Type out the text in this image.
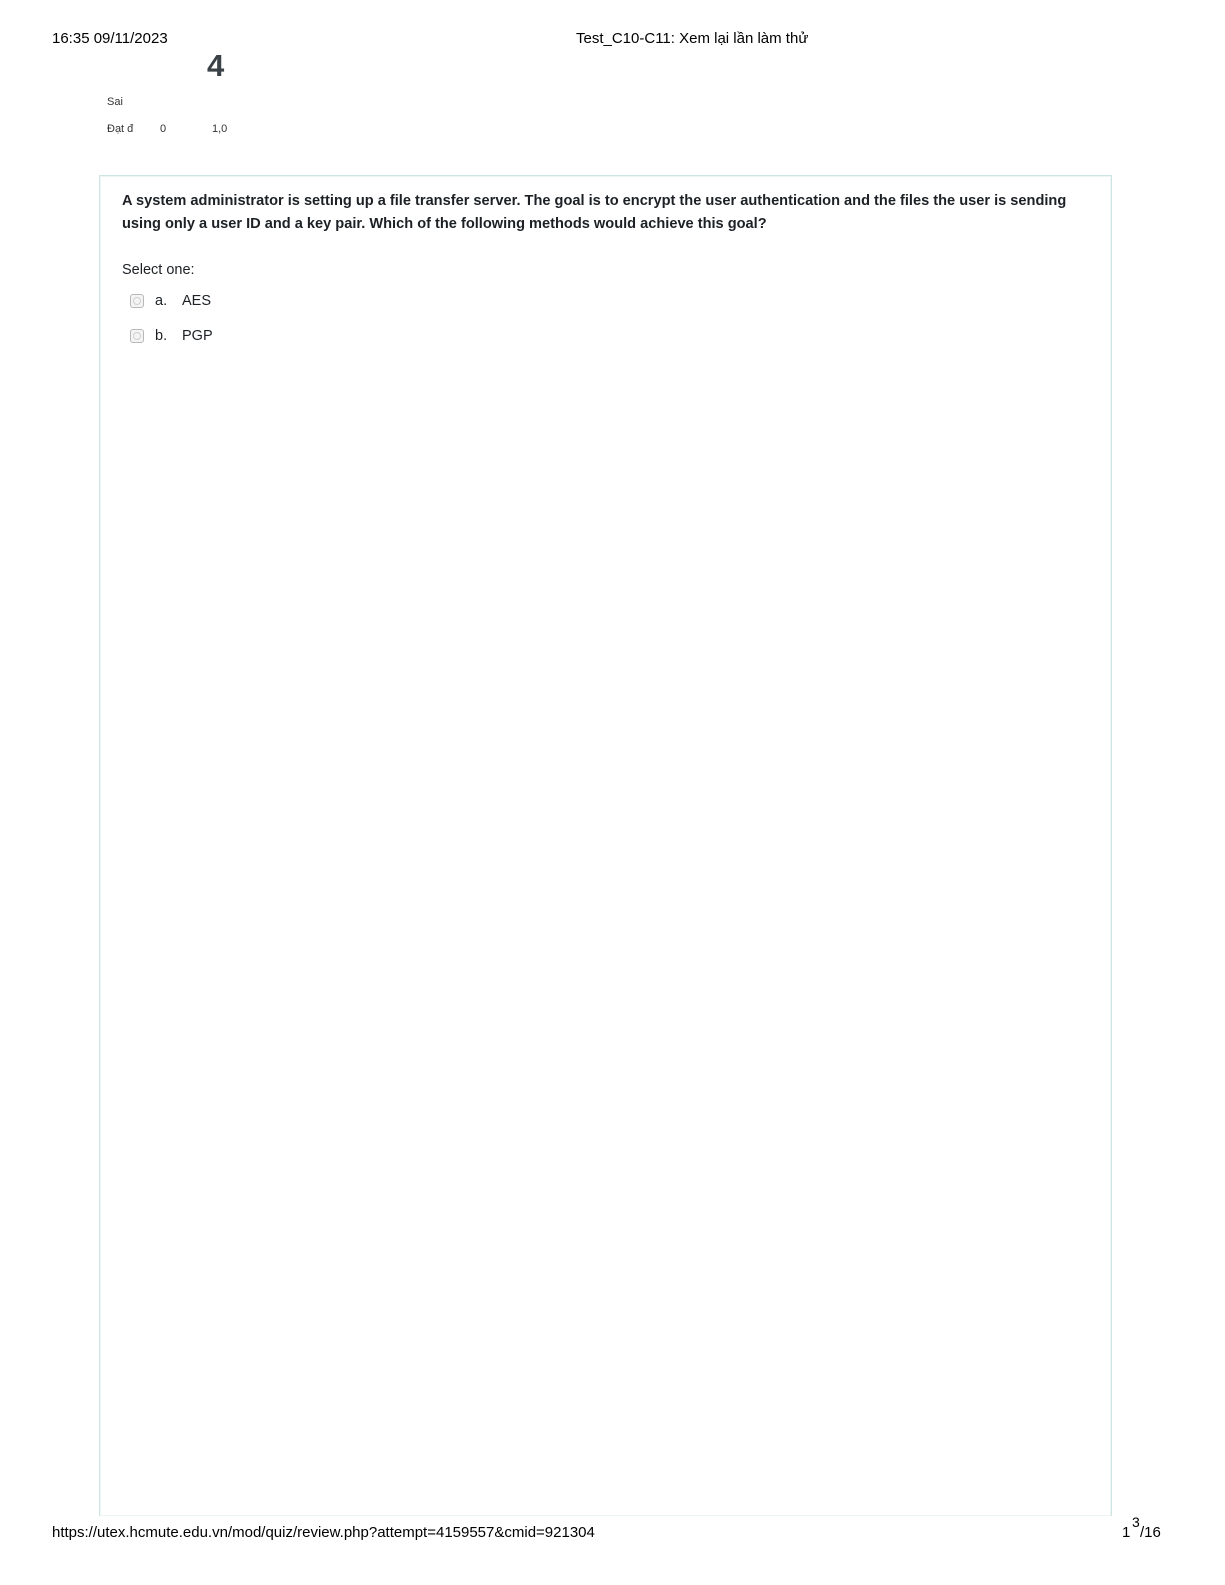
16:35 09/11/2023	Test_C10-C11: Xem lại lần làm thử
4
Sai
Đạt đ 0	1,0
A system administrator is setting up a file transfer server. The goal is to encrypt the user authentication and the files the user is sending using only a user ID and a key pair. Which of the following methods would achieve this goal?
Select one:
a.	AES
b.	PGP
https://utex.hcmute.edu.vn/mod/quiz/review.php?attempt=4159557&cmid=921304	1
3
/16
